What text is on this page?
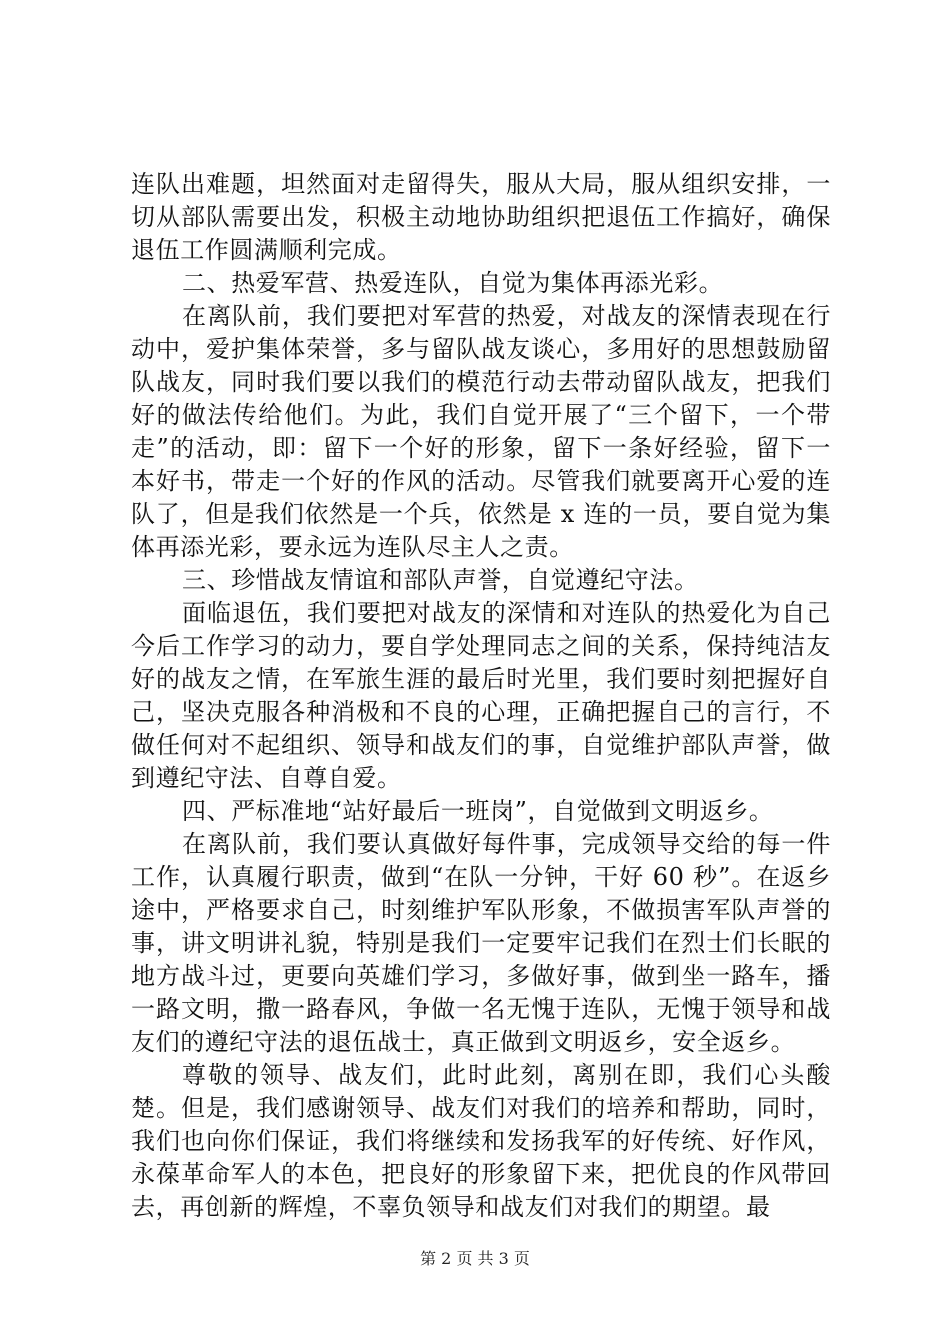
连队出难题，坦然面对走留得失，服从大局，服从组织安排，一切从部队需要出发，积极主动地协助组织把退伍工作搞好，确保退伍工作圆满顺利完成。

二、热爱军营、热爱连队，自觉为集体再添光彩。

在离队前，我们要把对军营的热爱，对战友的深情表现在行动中，爱护集体荣誉，多与留队战友谈心，多用好的思想鼓励留队战友，同时我们要以我们的模范行动去带动留队战友，把我们好的做法传给他们。为此，我们自觉开展了“三个留下，一个带走”的活动，即：留下一个好的形象，留下一条好经验，留下一本好书，带走一个好的作风的活动。尽管我们就要离开心爱的连队了，但是我们依然是一个兵，依然是 x 连的一员，要自觉为集体再添光彩，要永远为连队尽主人之责。

三、珍惜战友情谊和部队声誉，自觉遵纪守法。

面临退伍，我们要把对战友的深情和对连队的热爱化为自己今后工作学习的动力，要自学处理同志之间的关系，保持纯洁友好的战友之情，在军旅生涯的最后时光里，我们要时刻把握好自己，坚决克服各种消极和不良的心理，正确把握自己的言行，不做任何对不起组织、领导和战友们的事，自觉维护部队声誉，做到遵纪守法、自尊自爱。

四、严标准地“站好最后一班岗”，自觉做到文明返乡。

在离队前，我们要认真做好每件事，完成领导交给的每一件工作，认真履行职责，做到“在队一分钟，干好 60 秒”。在返乡途中，严格要求自己，时刻维护军队形象，不做损害军队声誉的事，讲文明讲礼貌，特别是我们一定要牢记我们在烈士们长眠的地方战斗过，更要向英雄们学习，多做好事，做到坐一路车，播一路文明，撒一路春风，争做一名无愧于连队，无愧于领导和战友们的遵纪守法的退伍战士，真正做到文明返乡，安全返乡。

尊敬的领导、战友们，此时此刻，离别在即，我们心头酸楚。但是，我们感谢领导、战友们对我们的培养和帮助，同时，我们也向你们保证，我们将继续和发扬我军的好传统、好作风，永葆革命军人的本色，把良好的形象留下来，把优良的作风带回去，再创新的辉煌，不辜负领导和战友们对我们的期望。最

第 2 页 共 3 页
